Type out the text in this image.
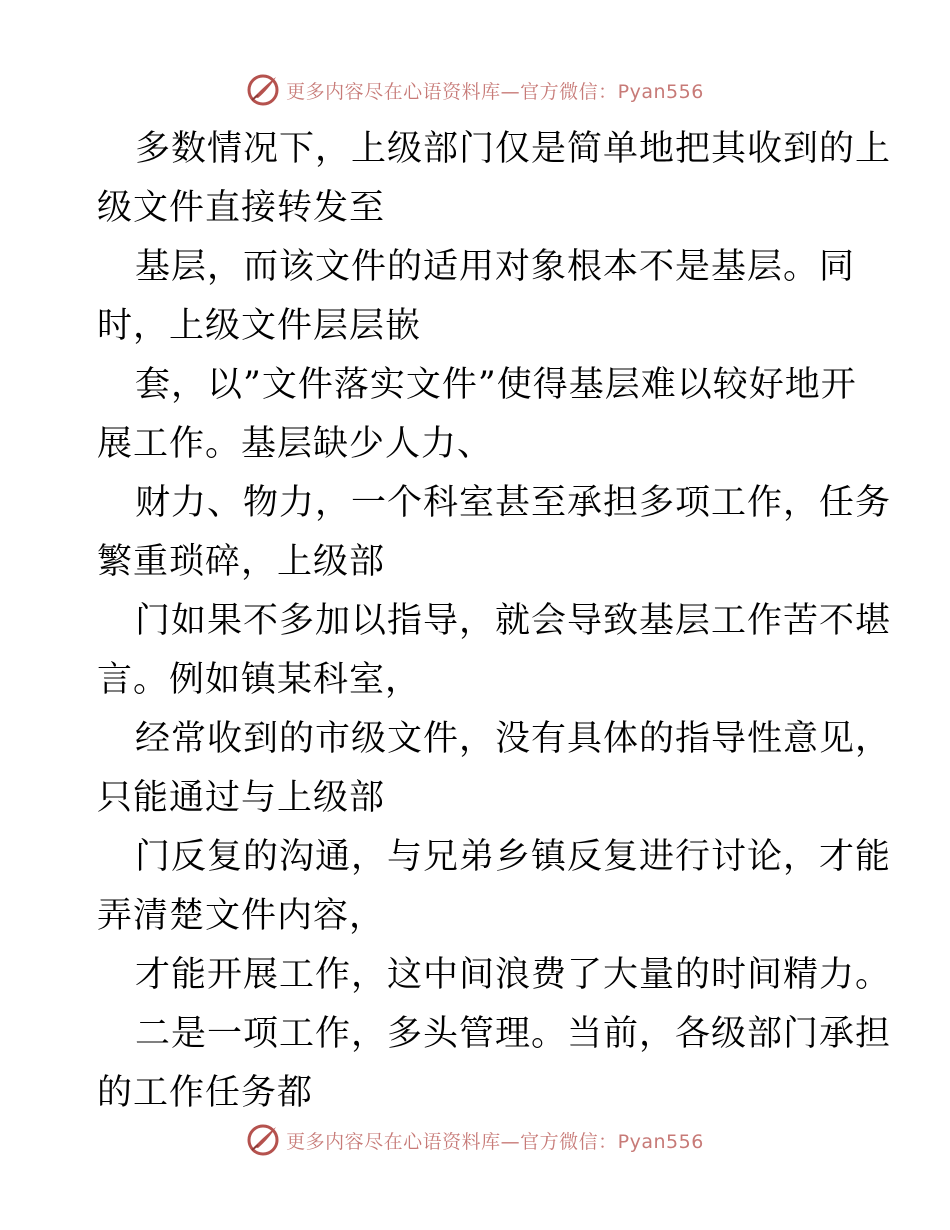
更多内容尽在心语资料库—官方微信：Pyan556
多数情况下，上级部门仅是简单地把其收到的上
级文件直接转发至
基层，而该文件的适用对象根本不是基层。同
时，上级文件层层嵌
套，以”文件落实文件”使得基层难以较好地开
展工作。基层缺少人力、
财力、物力，一个科室甚至承担多项工作，任务
繁重琐碎，上级部
门如果不多加以指导，就会导致基层工作苦不堪
言。例如镇某科室，
经常收到的市级文件，没有具体的指导性意见，
只能通过与上级部
门反复的沟通，与兄弟乡镇反复进行讨论，才能
弄清楚文件内容，
才能开展工作，这中间浪费了大量的时间精力。
二是一项工作，多头管理。当前，各级部门承担
的工作任务都
更多内容尽在心语资料库—官方微信：Pyan556
